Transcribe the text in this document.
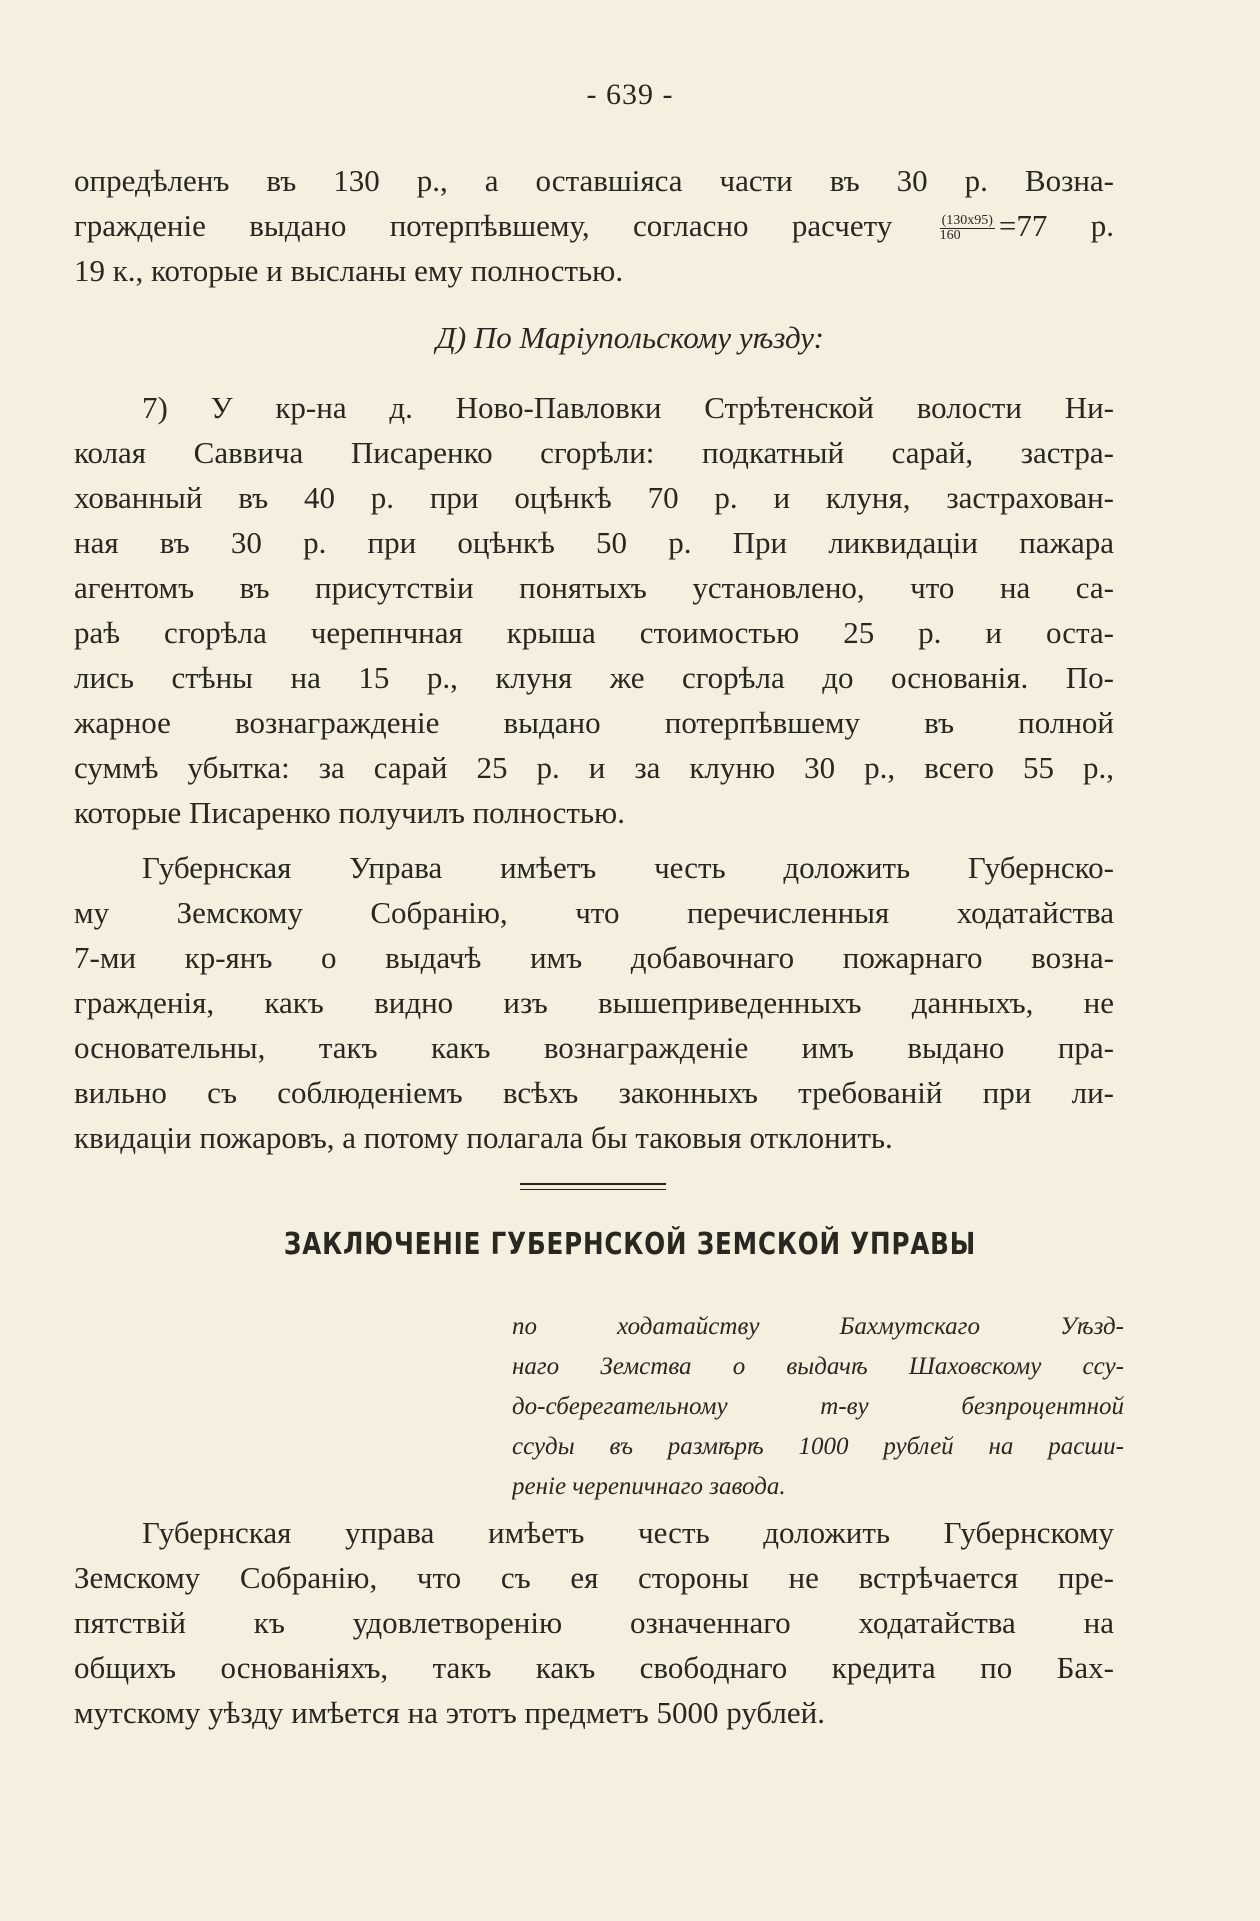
- 639 -
опредѣленъ въ 130 р., а оставшіяса части въ 30 р. Возна-
гражденіе выдано потерпѣвшему, согласно расчету	$\frac{(130x95)}{160} =77$ р.
19 к., которые и высланы ему полностью.
Д) По Маріупольскому уѣзду:
7) У кр-на д. Ново-Павловки Стрѣтенской волости Ни-
колая Саввича Писаренко сгорѣли: подкатный сарай, застра-
хованный въ 40 р. при оцѣнкѣ 70 р. и клуня, застрахован-
ная въ 30 р. при оцѣнкѣ 50 р. При ликвидаціи пажара
агентомъ въ присутствіи понятыхъ установлено, что на са-
раѣ сгорѣла черепнчная крыша стоимостью 25 р. и оста-
лись стѣны на 15 р., клуня же сгорѣла до основанія. По-
жарное вознагражденіе выдано потерпѣвшему въ полной
суммѣ убытка: за сарай 25 р. и за клуню 30 р., всего 55 р.,
которые Писаренко получилъ полностью.
Губернская Управа имѣетъ честь доложить Губернско-
му Земскому Собранію, что перечисленныя ходатайства
7-ми кр-янъ о выдачѣ имъ добавочнаго пожарнаго возна-
гражденія, какъ видно изъ вышеприведенныхъ данныхъ, не
основательны, такъ какъ вознагражденіе имъ выдано пра-
вильно съ соблюденіемъ всѣхъ законныхъ требованій при ли-
квидаціи пожаровъ, а потому полагала бы таковыя отклонить.
ЗАКЛЮЧЕНІЕ ГУБЕРНСКОЙ ЗЕМСКОЙ УПРАВЫ
по ходатайству Бахмутскаго Уѣзд-
наго Земства о выдачѣ Шаховскому ссу-
до-сберегательному т-ву безпроцентной
ссуды въ размѣрѣ 1000 рублей на расши-
реніе черепичнаго завода.
Губернская управа имѣетъ честь доложить Губернскому
Земскому Собранію, что съ ея стороны не встрѣчается пре-
пятствій къ удовлетворенію означеннаго ходатайства на
общихъ основаніяхъ, такъ какъ свободнаго кредита по Бах-
мутскому уѣзду имѣется на этотъ предметъ 5000 рублей.
